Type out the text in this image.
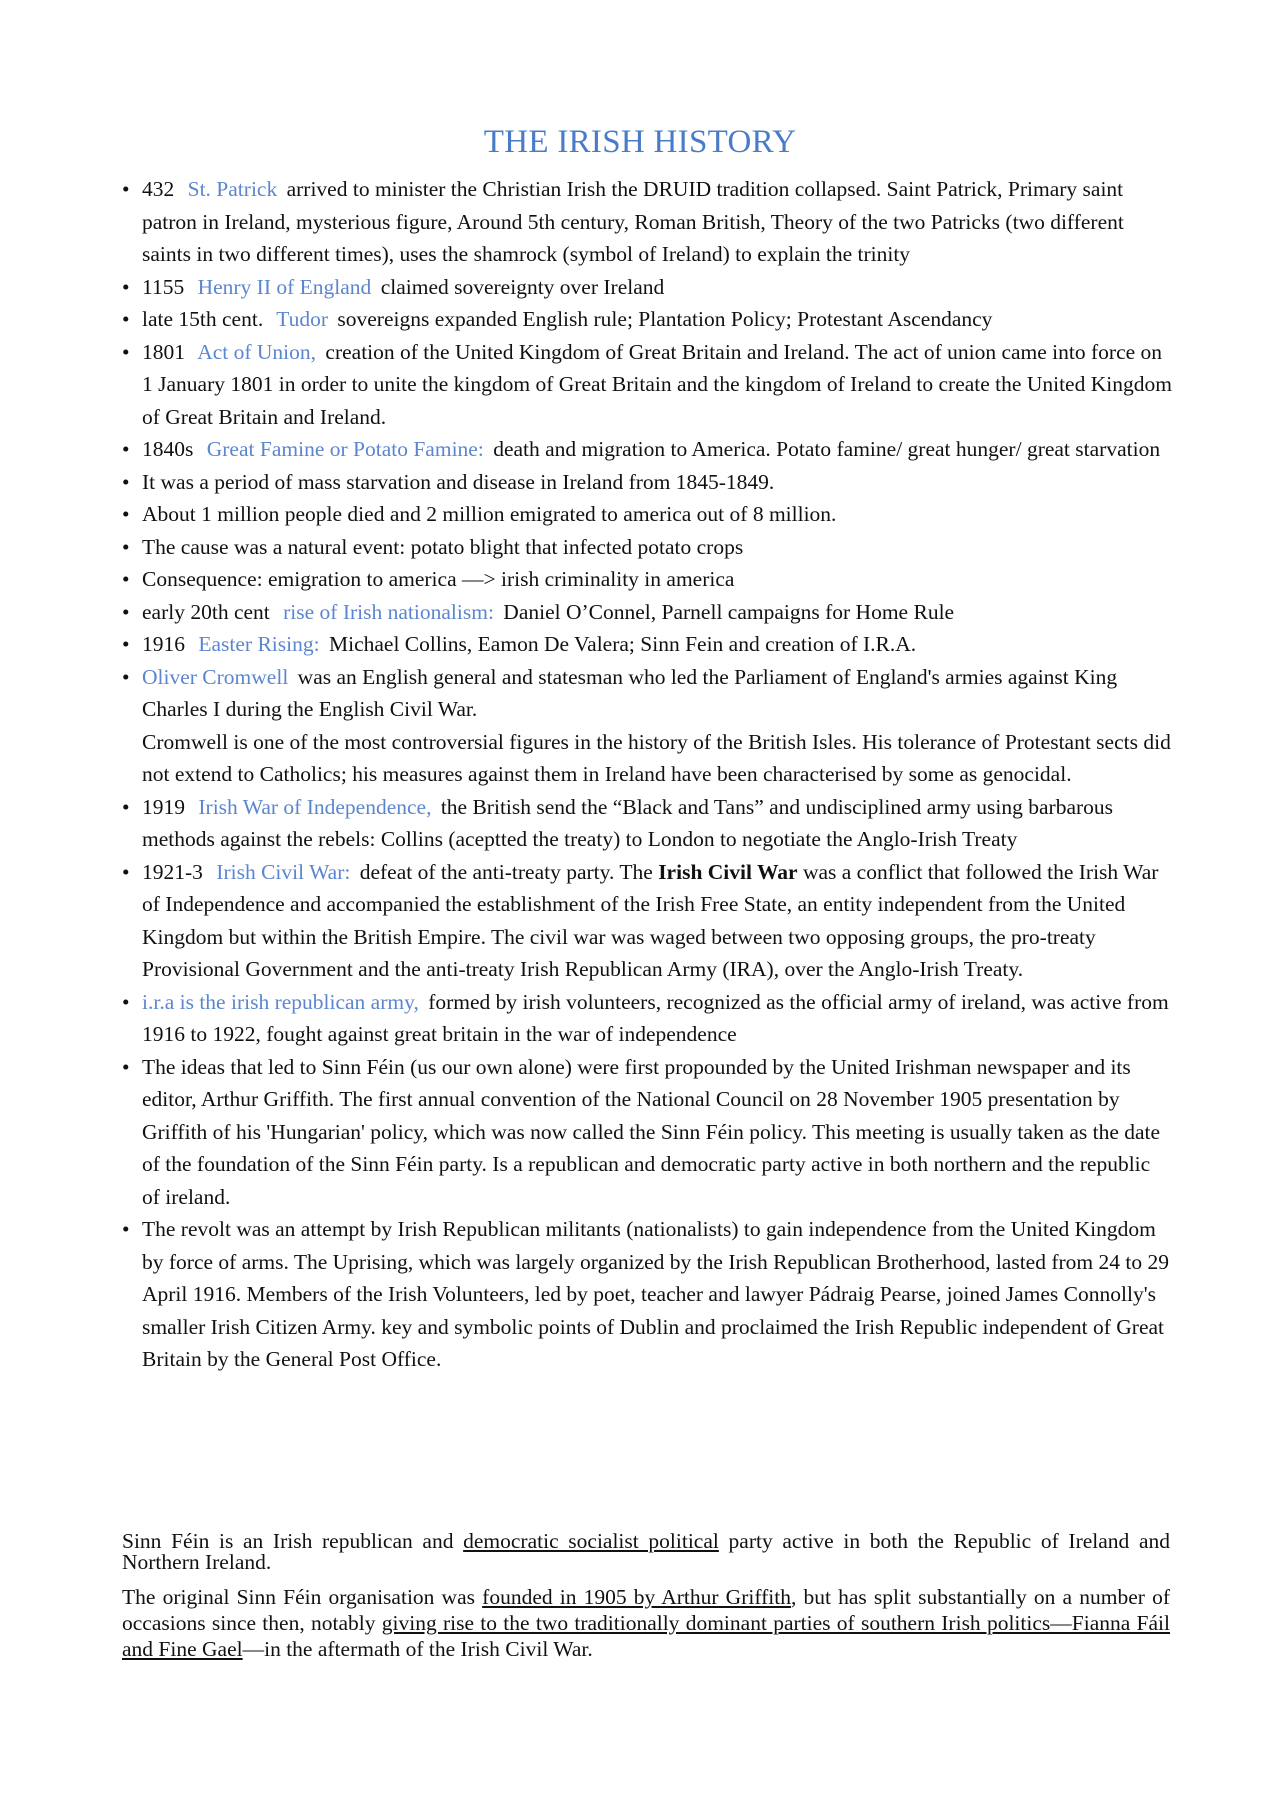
THE IRISH HISTORY
• 432 St. Patrick arrived to minister the Christian Irish the DRUID tradition collapsed. Saint Patrick, Primary saint patron in Ireland, mysterious figure, Around 5th century, Roman British, Theory of the two Patricks (two different saints in two different times), uses the shamrock (symbol of Ireland) to explain the trinity
• 1155 Henry II of England claimed sovereignty over Ireland
• late 15th cent. Tudor sovereigns expanded English rule; Plantation Policy; Protestant Ascendancy
• 1801 Act of Union, creation of the United Kingdom of Great Britain and Ireland. The act of union came into force on 1 January 1801 in order to unite the kingdom of Great Britain and the kingdom of Ireland to create the United Kingdom of Great Britain and Ireland.
• 1840s Great Famine or Potato Famine: death and migration to America. Potato famine/ great hunger/ great starvation
• It was a period of mass starvation and disease in Ireland from 1845-1849.
• About 1 million people died and 2 million emigrated to america out of 8 million.
• The cause was a natural event: potato blight that infected potato crops
• Consequence: emigration to america —> irish criminality in america
• early 20th cent rise of Irish nationalism: Daniel O’Connel, Parnell campaigns for Home Rule
• 1916 Easter Rising: Michael Collins, Eamon De Valera; Sinn Fein and creation of I.R.A.
• Oliver Cromwell was an English general and statesman who led the Parliament of England's armies against King Charles I during the English Civil War.
Cromwell is one of the most controversial figures in the history of the British Isles. His tolerance of Protestant sects did not extend to Catholics; his measures against them in Ireland have been characterised by some as genocidal.
• 1919 Irish War of Independence, the British send the “Black and Tans” and undisciplined army using barbarous methods against the rebels: Collins (aceptted the treaty) to London to negotiate the Anglo-Irish Treaty
• 1921-3 Irish Civil War: defeat of the anti-treaty party. The Irish Civil War was a conflict that followed the Irish War of Independence and accompanied the establishment of the Irish Free State, an entity independent from the United Kingdom but within the British Empire. The civil war was waged between two opposing groups, the pro-treaty Provisional Government and the anti-treaty Irish Republican Army (IRA), over the Anglo-Irish Treaty.
• i.r.a is the irish republican army, formed by irish volunteers, recognized as the official army of ireland, was active from 1916 to 1922, fought against great britain in the war of independence
• The ideas that led to Sinn Féin (us our own alone) were first propounded by the United Irishman newspaper and its editor, Arthur Griffith. The first annual convention of the National Council on 28 November 1905 presentation by Griffith of his 'Hungarian' policy, which was now called the Sinn Féin policy. This meeting is usually taken as the date of the foundation of the Sinn Féin party. Is a republican and democratic party active in both northern and the republic of ireland.
• The revolt was an attempt by Irish Republican militants (nationalists) to gain independence from the United Kingdom by force of arms. The Uprising, which was largely organized by the Irish Republican Brotherhood, lasted from 24 to 29 April 1916. Members of the Irish Volunteers, led by poet, teacher and lawyer Pádraig Pearse, joined James Connolly's smaller Irish Citizen Army. key and symbolic points of Dublin and proclaimed the Irish Republic independent of Great Britain by the General Post Office.
Sinn Féin is an Irish republican and democratic socialist political party active in both the Republic of Ireland and Northern Ireland.
The original Sinn Féin organisation was founded in 1905 by Arthur Griffith, but has split substantially on a number of occasions since then, notably giving rise to the two traditionally dominant parties of southern Irish politics—Fianna Fáil and Fine Gael—in the aftermath of the Irish Civil War.
